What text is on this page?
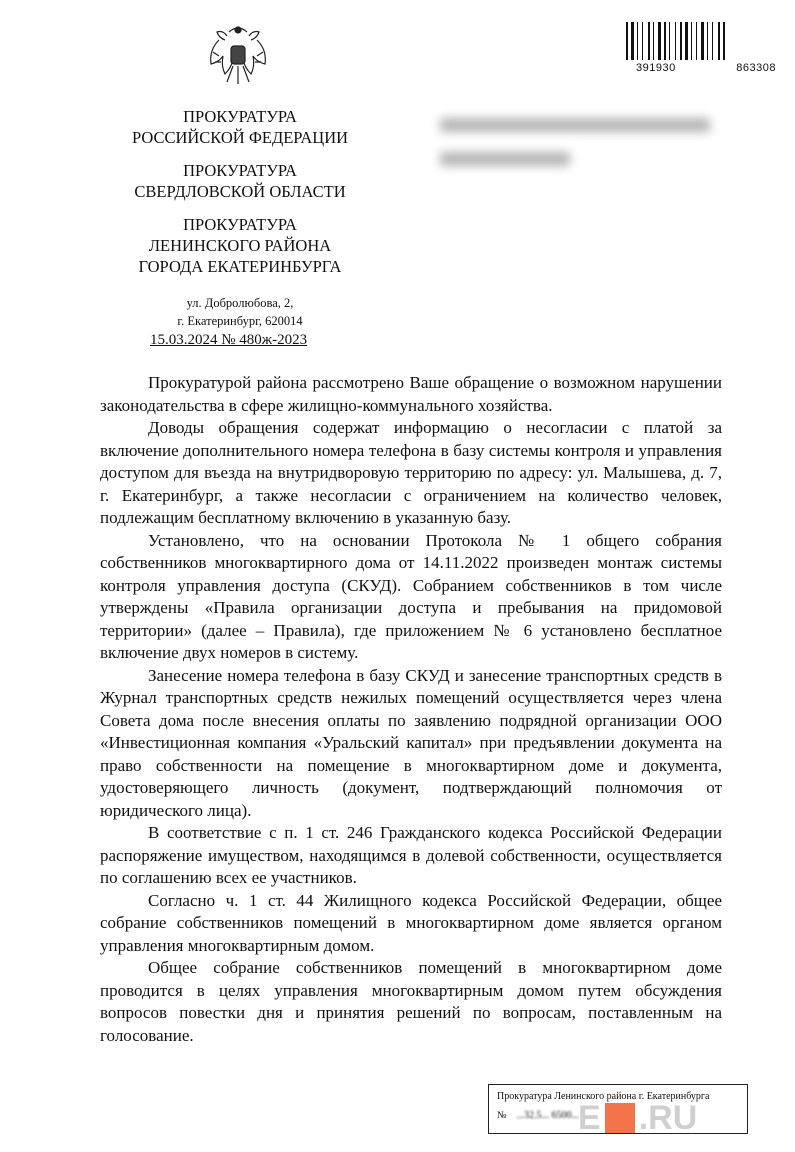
391930	863308
ПРОКУРАТУРА
РОССИЙСКОЙ ФЕДЕРАЦИИ
ПРОКУРАТУРА
СВЕРДЛОВСКОЙ ОБЛАСТИ
ПРОКУРАТУРА
ЛЕНИНСКОГО РАЙОНА
ГОРОДА ЕКАТЕРИНБУРГА
ул. Добролюбова, 2,
г. Екатеринбург, 620014
15.03.2024 № 480ж-2023

Прокуратурой района рассмотрено Ваше обращение о возможном нарушении законодательства в сфере жилищно-коммунального хозяйства.

Доводы обращения содержат информацию о несогласии с платой за включение дополнительного номера телефона в базу системы контроля и управления доступом для въезда на внутридворовую территорию по адресу: ул. Малышева, д. 7, г. Екатеринбург, а также несогласии с ограничением на количество человек, подлежащим бесплатному включению в указанную базу.

Установлено, что на основании Протокола № 1 общего собрания собственников многоквартирного дома от 14.11.2022 произведен монтаж системы контроля управления доступа (СКУД). Собранием собственников в том числе утверждены «Правила организации доступа и пребывания на придомовой территории» (далее – Правила), где приложением № 6 установлено бесплатное включение двух номеров в систему.

Занесение номера телефона в базу СКУД и занесение транспортных средств в Журнал транспортных средств нежилых помещений осуществляется через члена Совета дома после внесения оплаты по заявлению подрядной организации ООО «Инвестиционная компания «Уральский капитал» при предъявлении документа на право собственности на помещение в многоквартирном доме и документа, удостоверяющего личность (документ, подтверждающий полномочия от юридического лица).

В соответствие с п. 1 ст. 246 Гражданского кодекса Российской Федерации распоряжение имуществом, находящимся в долевой собственности, осуществляется по соглашению всех ее участников.

Согласно ч. 1 ст. 44 Жилищного кодекса Российской Федерации, общее собрание собственников помещений в многоквартирном доме является органом управления многоквартирным домом.

Общее собрание собственников помещений в многоквартирном доме проводится в целях управления многоквартирным домом путем обсуждения вопросов повестки дня и принятия решений по вопросам, поставленным на голосование.

Прокуратура Ленинского района г. Екатеринбурга
№ ...32.5... 6500...
E .RU
